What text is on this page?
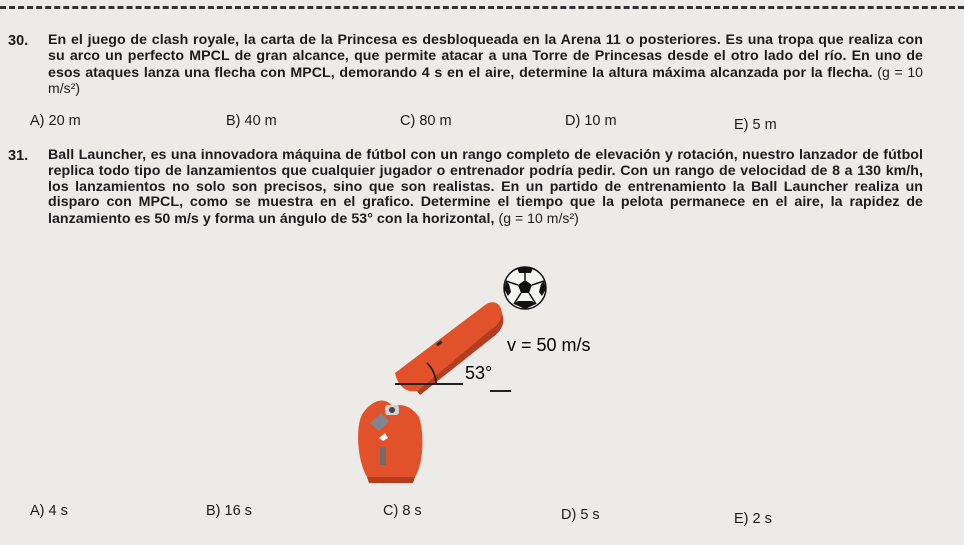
30. En el juego de clash royale, la carta de la Princesa es desbloqueada en la Arena 11 o posteriores. Es una tropa que realiza con su arco un perfecto MPCL de gran alcance, que permite atacar a una Torre de Princesas desde el otro lado del río. En uno de esos ataques lanza una flecha con MPCL, demorando 4 s en el aire, determine la altura máxima alcanzada por la flecha. (g = 10 m/s²)
A) 20 m	B) 40 m	C) 80 m	D) 10 m	E) 5 m
31. Ball Launcher, es una innovadora máquina de fútbol con un rango completo de elevación y rotación, nuestro lanzador de fútbol replica todo tipo de lanzamientos que cualquier jugador o entrenador podría pedir. Con un rango de velocidad de 8 a 130 km/h, los lanzamientos no solo son precisos, sino que son realistas. En un partido de entrenamiento la Ball Launcher realiza un disparo con MPCL, como se muestra en el grafico. Determine el tiempo que la pelota permanece en el aire, la rapidez de lanzamiento es 50 m/s y forma un ángulo de 53° con la horizontal, (g = 10 m/s²)
A) 4 s	B) 16 s	C) 8 s	D) 5 s	E) 2 s
53°
v = 50 m/s
